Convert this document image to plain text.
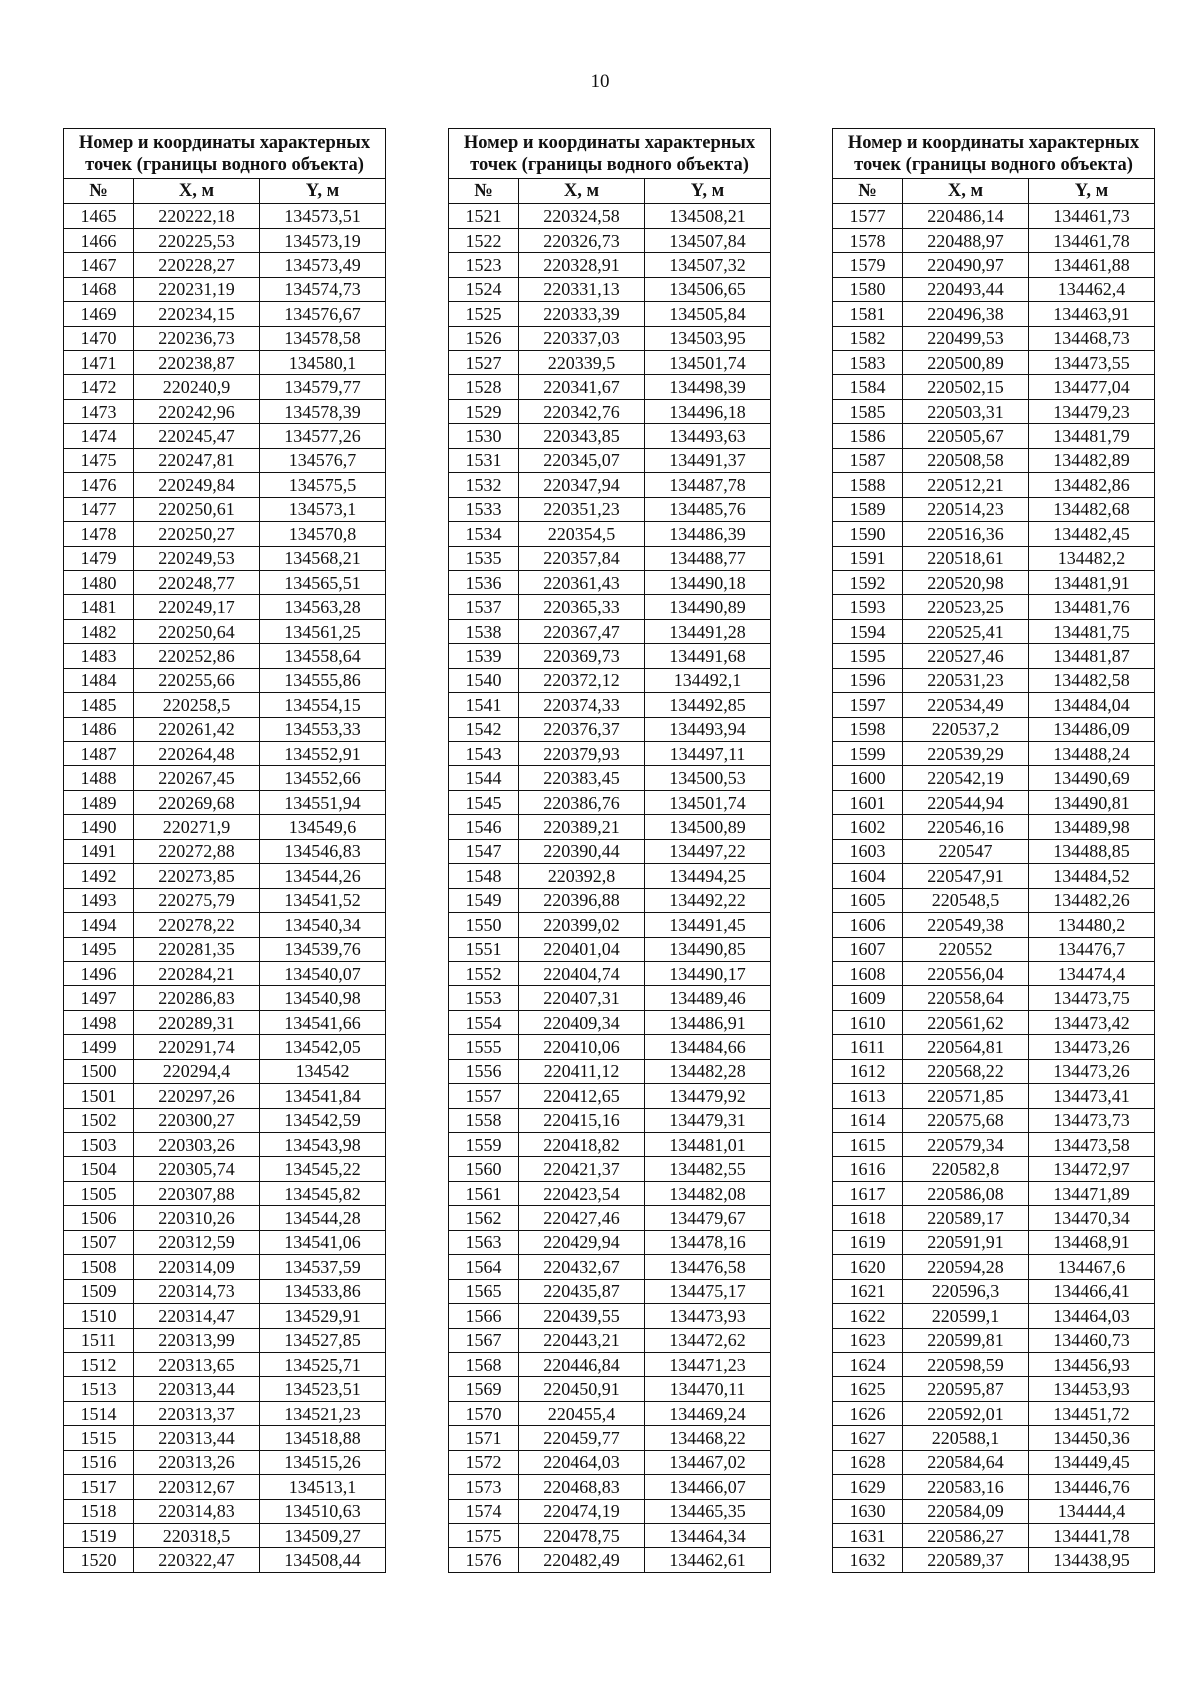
10
Номер и координаты характерных точек (границы водного объекта)		
№	X, м	Y, м
1465	220222,18	134573,51
1466	220225,53	134573,19
1467	220228,27	134573,49
1468	220231,19	134574,73
1469	220234,15	134576,67
1470	220236,73	134578,58
1471	220238,87	134580,1
1472	220240,9	134579,77
1473	220242,96	134578,39
1474	220245,47	134577,26
1475	220247,81	134576,7
1476	220249,84	134575,5
1477	220250,61	134573,1
1478	220250,27	134570,8
1479	220249,53	134568,21
1480	220248,77	134565,51
1481	220249,17	134563,28
1482	220250,64	134561,25
1483	220252,86	134558,64
1484	220255,66	134555,86
1485	220258,5	134554,15
1486	220261,42	134553,33
1487	220264,48	134552,91
1488	220267,45	134552,66
1489	220269,68	134551,94
1490	220271,9	134549,6
1491	220272,88	134546,83
1492	220273,85	134544,26
1493	220275,79	134541,52
1494	220278,22	134540,34
1495	220281,35	134539,76
1496	220284,21	134540,07
1497	220286,83	134540,98
1498	220289,31	134541,66
1499	220291,74	134542,05
1500	220294,4	134542
1501	220297,26	134541,84
1502	220300,27	134542,59
1503	220303,26	134543,98
1504	220305,74	134545,22
1505	220307,88	134545,82
1506	220310,26	134544,28
1507	220312,59	134541,06
1508	220314,09	134537,59
1509	220314,73	134533,86
1510	220314,47	134529,91
1511	220313,99	134527,85
1512	220313,65	134525,71
1513	220313,44	134523,51
1514	220313,37	134521,23
1515	220313,44	134518,88
1516	220313,26	134515,26
1517	220312,67	134513,1
1518	220314,83	134510,63
1519	220318,5	134509,27
1520	220322,47	134508,44
Номер и координаты характерных точек (границы водного объекта)		
№	X, м	Y, м
1521	220324,58	134508,21
1522	220326,73	134507,84
1523	220328,91	134507,32
1524	220331,13	134506,65
1525	220333,39	134505,84
1526	220337,03	134503,95
1527	220339,5	134501,74
1528	220341,67	134498,39
1529	220342,76	134496,18
1530	220343,85	134493,63
1531	220345,07	134491,37
1532	220347,94	134487,78
1533	220351,23	134485,76
1534	220354,5	134486,39
1535	220357,84	134488,77
1536	220361,43	134490,18
1537	220365,33	134490,89
1538	220367,47	134491,28
1539	220369,73	134491,68
1540	220372,12	134492,1
1541	220374,33	134492,85
1542	220376,37	134493,94
1543	220379,93	134497,11
1544	220383,45	134500,53
1545	220386,76	134501,74
1546	220389,21	134500,89
1547	220390,44	134497,22
1548	220392,8	134494,25
1549	220396,88	134492,22
1550	220399,02	134491,45
1551	220401,04	134490,85
1552	220404,74	134490,17
1553	220407,31	134489,46
1554	220409,34	134486,91
1555	220410,06	134484,66
1556	220411,12	134482,28
1557	220412,65	134479,92
1558	220415,16	134479,31
1559	220418,82	134481,01
1560	220421,37	134482,55
1561	220423,54	134482,08
1562	220427,46	134479,67
1563	220429,94	134478,16
1564	220432,67	134476,58
1565	220435,87	134475,17
1566	220439,55	134473,93
1567	220443,21	134472,62
1568	220446,84	134471,23
1569	220450,91	134470,11
1570	220455,4	134469,24
1571	220459,77	134468,22
1572	220464,03	134467,02
1573	220468,83	134466,07
1574	220474,19	134465,35
1575	220478,75	134464,34
1576	220482,49	134462,61
Номер и координаты характерных точек (границы водного объекта)		
№	X, м	Y, м
1577	220486,14	134461,73
1578	220488,97	134461,78
1579	220490,97	134461,88
1580	220493,44	134462,4
1581	220496,38	134463,91
1582	220499,53	134468,73
1583	220500,89	134473,55
1584	220502,15	134477,04
1585	220503,31	134479,23
1586	220505,67	134481,79
1587	220508,58	134482,89
1588	220512,21	134482,86
1589	220514,23	134482,68
1590	220516,36	134482,45
1591	220518,61	134482,2
1592	220520,98	134481,91
1593	220523,25	134481,76
1594	220525,41	134481,75
1595	220527,46	134481,87
1596	220531,23	134482,58
1597	220534,49	134484,04
1598	220537,2	134486,09
1599	220539,29	134488,24
1600	220542,19	134490,69
1601	220544,94	134490,81
1602	220546,16	134489,98
1603	220547	134488,85
1604	220547,91	134484,52
1605	220548,5	134482,26
1606	220549,38	134480,2
1607	220552	134476,7
1608	220556,04	134474,4
1609	220558,64	134473,75
1610	220561,62	134473,42
1611	220564,81	134473,26
1612	220568,22	134473,26
1613	220571,85	134473,41
1614	220575,68	134473,73
1615	220579,34	134473,58
1616	220582,8	134472,97
1617	220586,08	134471,89
1618	220589,17	134470,34
1619	220591,91	134468,91
1620	220594,28	134467,6
1621	220596,3	134466,41
1622	220599,1	134464,03
1623	220599,81	134460,73
1624	220598,59	134456,93
1625	220595,87	134453,93
1626	220592,01	134451,72
1627	220588,1	134450,36
1628	220584,64	134449,45
1629	220583,16	134446,76
1630	220584,09	134444,4
1631	220586,27	134441,78
1632	220589,37	134438,95
